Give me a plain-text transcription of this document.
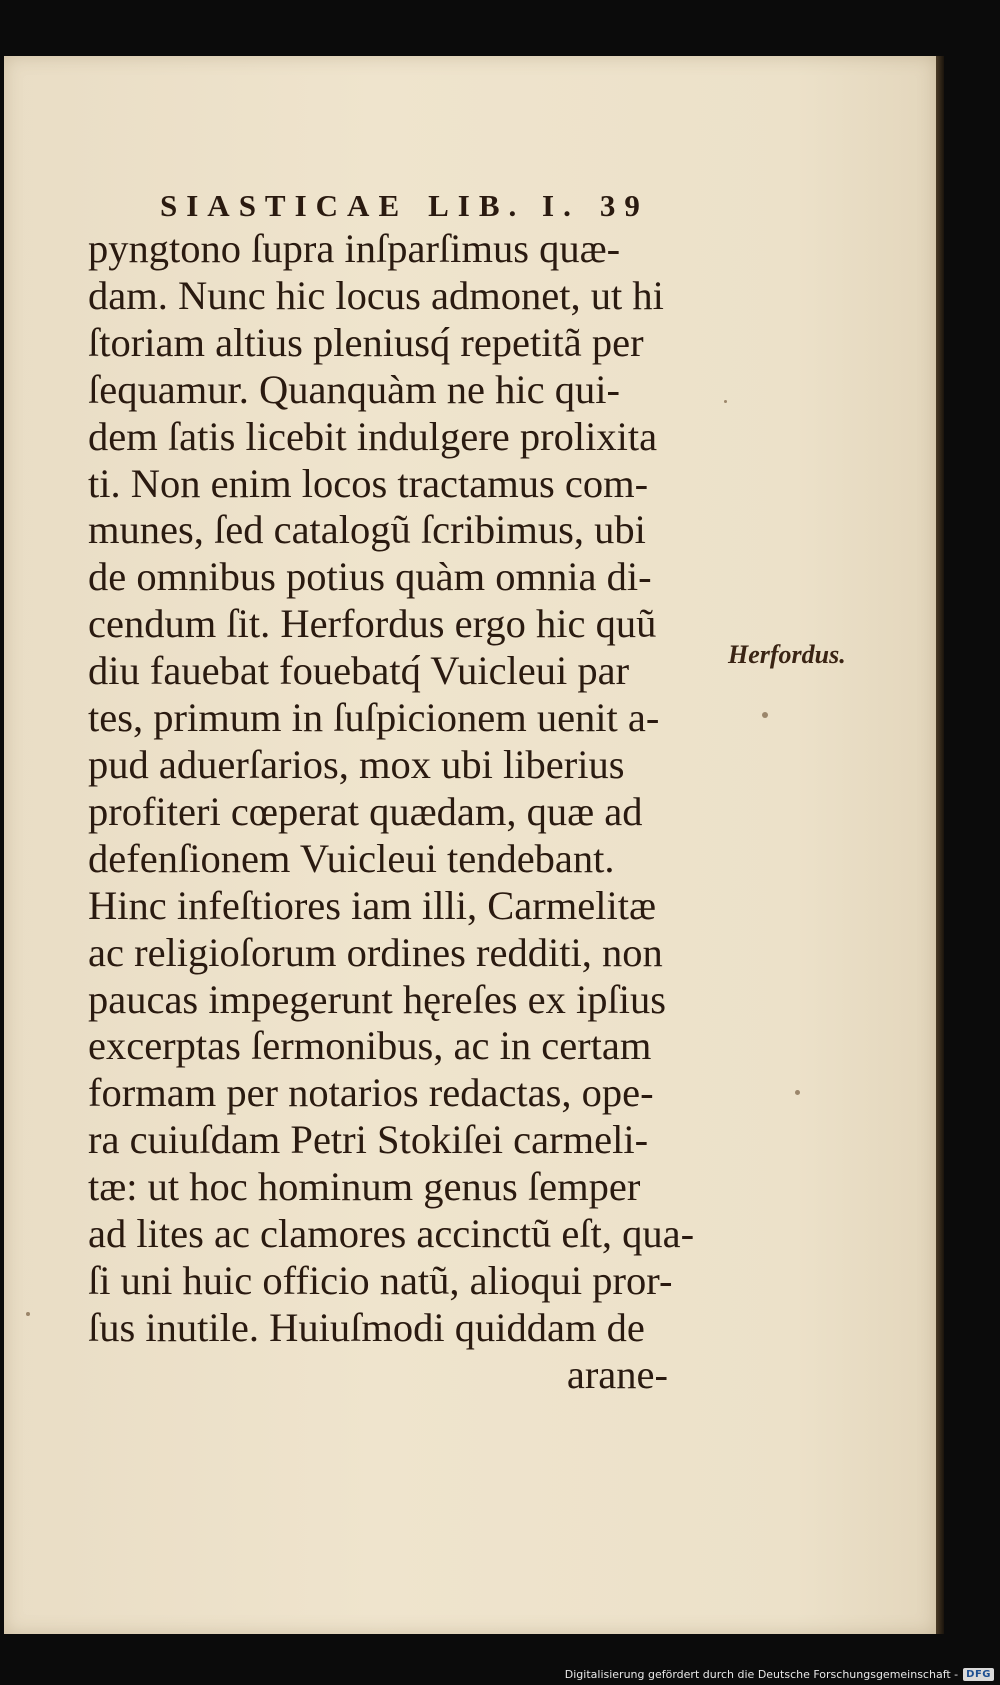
SIASTICAE LIB. I. 39
pyngtono ſupra inſparſimus quæ-
dam. Nunc hic locus admonet, ut hi
ſtoriam altius pleniusq́ repetitã per
ſequamur. Quanquàm ne hic qui-
dem ſatis licebit indulgere prolixita
ti. Non enim locos tractamus com-
munes, ſed catalogũ ſcribimus, ubi
de omnibus potius quàm omnia di-
cendum ſit. Herfordus ergo hic quũ
diu fauebat fouebatq́ Vuicleui par
tes, primum in ſuſpicionem uenit a-
pud aduerſarios, mox ubi liberius
profiteri cœperat quædam, quæ ad
defenſionem Vuicleui tendebant.
Hinc infeſtiores iam illi, Carmelitæ
ac religioſorum ordines redditi, non
paucas impegerunt hęreſes ex ipſius
excerptas ſermonibus, ac in certam
formam per notarios redactas, ope-
ra cuiuſdam Petri Stokiſei carmeli-
tæ: ut hoc hominum genus ſemper
ad lites ac clamores accinctũ eſt, qua-
ſi uni huic officio natũ, alioqui pror-
ſus inutile. Huiuſmodi quiddam de
arane-
Herfordus.
Digitalisierung gefördert durch die Deutsche Forschungsgemeinschaft - DFG
